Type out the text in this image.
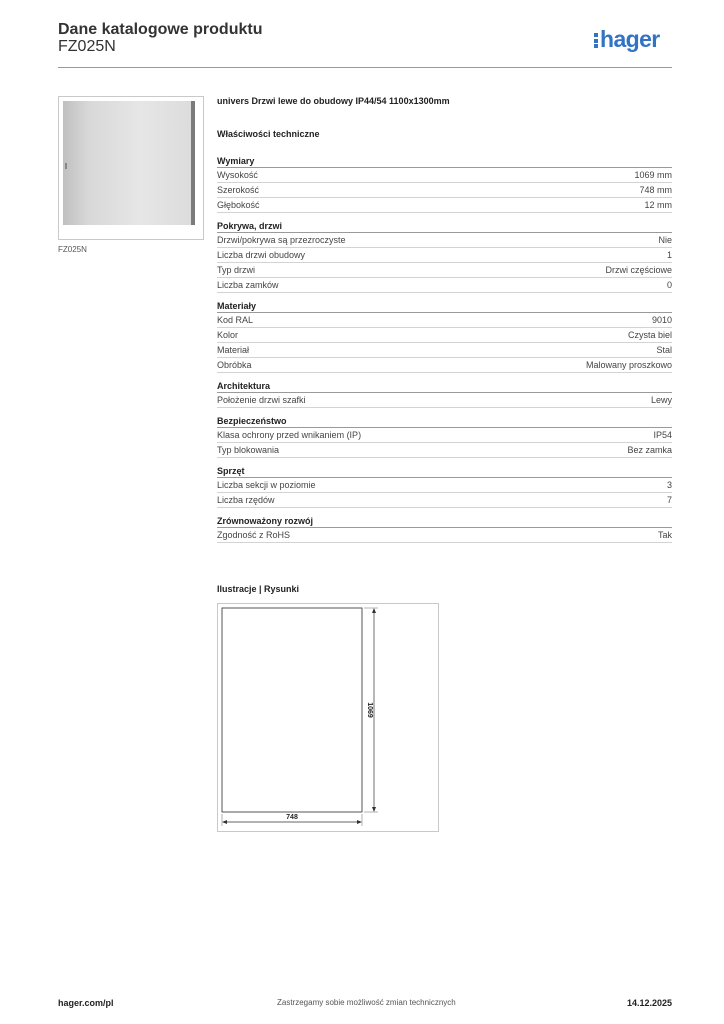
Dane katalogowe produktu
FZ025N	hager
FZ025N
univers Drzwi lewe do obudowy IP44/54 1100x1300mm
Właściwości techniczne
Wymiary
Wysokość	1069 mm
Szerokość	748 mm
Głębokość	12 mm
Pokrywa, drzwi
Drzwi/pokrywa są przezroczyste	Nie
Liczba drzwi obudowy	1
Typ drzwi	Drzwi częściowe
Liczba zamków	0
Materiały
Kod RAL	9010
Kolor	Czysta biel
Materiał	Stal
Obróbka	Malowany proszkowo
Architektura
Położenie drzwi szafki	Lewy
Bezpieczeństwo
Klasa ochrony przed wnikaniem (IP)	IP54
Typ blokowania	Bez zamka
Sprzęt
Liczba sekcji w poziomie	3
Liczba rzędów	7
Zrównoważony rozwój
Zgodność z RoHS	Tak
Ilustracje | Rysunki
1069
748
hager.com/pl	Zastrzegamy sobie możliwość zmian technicznych	14.12.2025
